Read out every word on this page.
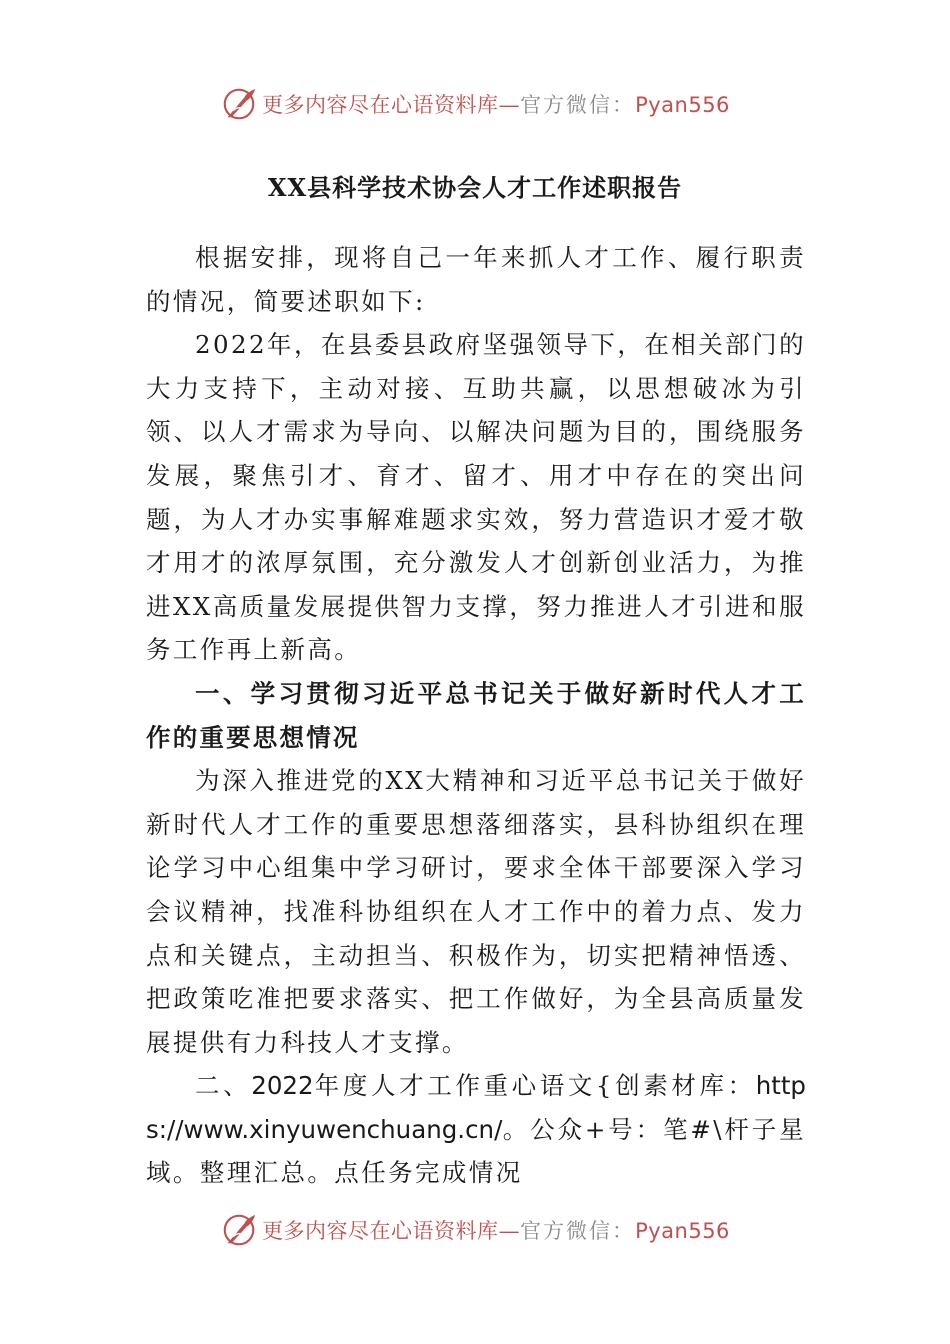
更多内容尽在心语资料库—官方微信：Pyan556
XX县科学技术协会人才工作述职报告

根据安排，现将自己一年来抓人才工作、履行职责的情况，简要述职如下:

2022年，在县委县政府坚强领导下，在相关部门的大力支持下，主动对接、互助共赢，以思想破冰为引领、以人才需求为导向、以解决问题为目的，围绕服务发展，聚焦引才、育才、留才、用才中存在的突出问题，为人才办实事解难题求实效，努力营造识才爱才敬才用才的浓厚氛围，充分激发人才创新创业活力，为推进XX高质量发展提供智力支撑，努力推进人才引进和服务工作再上新高。

一、学习贯彻习近平总书记关于做好新时代人才工作的重要思想情况

为深入推进党的XX大精神和习近平总书记关于做好新时代人才工作的重要思想落细落实，县科协组织在理论学习中心组集中学习研讨，要求全体干部要深入学习会议精神，找准科协组织在人才工作中的着力点、发力点和关键点，主动担当、积极作为，切实把精神悟透、把政策吃准把要求落实、把工作做好，为全县高质量发展提供有力科技人才支撑。

二、2022年度人才工作重心语文{创素材库：https://www.xinyuwenchuang.cn/。公众+号：笔#\杆子星域。整理汇总。点任务完成情况

更多内容尽在心语资料库—官方微信：Pyan556
